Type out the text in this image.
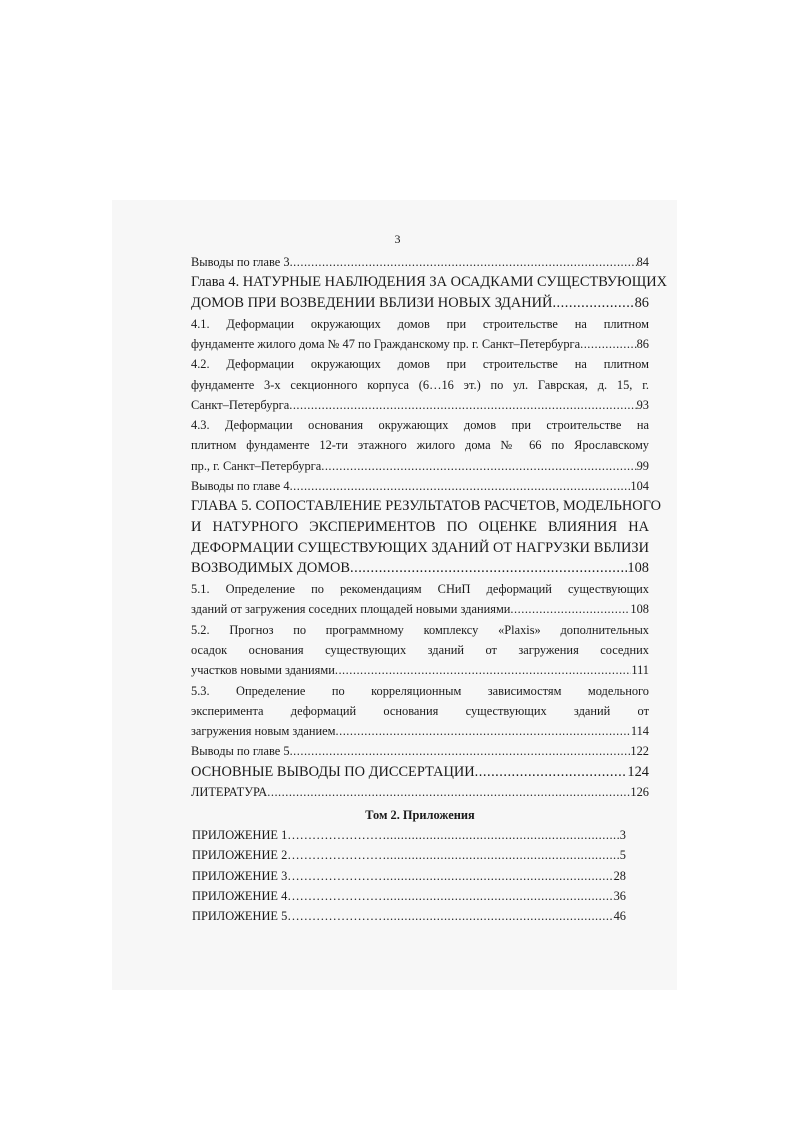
3
Выводы по главе 3 .....	84
Глава 4. НАТУРНЫЕ НАБЛЮДЕНИЯ ЗА ОСАДКАМИ СУЩЕСТВУЮЩИХ
ДОМОВ ПРИ ВОЗВЕДЕНИИ ВБЛИЗИ НОВЫХ ЗДАНИЙ .....	86
4.1. Деформации окружающих домов при строительстве на плитном
фундаменте жилого дома № 47 по Гражданскому пр. г. Санкт–Петербурга .....	86
4.2. Деформации окружающих домов при строительстве на плитном
фундаменте 3-х секционного корпуса (6…16 эт.) по ул. Гаврская, д. 15, г.
Санкт–Петербурга .....	93
4.3. Деформации основания окружающих домов при строительстве на
плитном фундаменте 12-ти этажного жилого дома № 66 по Ярославскому
пр., г. Санкт–Петербурга .....	99
Выводы по главе 4 .....	104
ГЛАВА 5. СОПОСТАВЛЕНИЕ РЕЗУЛЬТАТОВ РАСЧЕТОВ, МОДЕЛЬНОГО
И НАТУРНОГО ЭКСПЕРИМЕНТОВ ПО ОЦЕНКЕ ВЛИЯНИЯ НА
ДЕФОРМАЦИИ СУЩЕСТВУЮЩИХ ЗДАНИЙ ОТ НАГРУЗКИ ВБЛИЗИ
ВОЗВОДИМЫХ ДОМОВ .....	108
5.1. Определение по рекомендациям СНиП деформаций существующих
зданий от загружения соседних площадей новыми зданиями .....	108
5.2. Прогноз по программному комплексу «Plaxis» дополнительных
осадок основания существующих зданий от загружения соседних
участков новыми зданиями .....	111
5.3. Определение по корреляционным зависимостям модельного
эксперимента деформаций основания существующих зданий от
загружения новым зданием .....	114
Выводы по главе 5 .....	122
ОСНОВНЫЕ ВЫВОДЫ ПО ДИССЕРТАЦИИ .....	124
ЛИТЕРАТУРА .....	126
Том 2. Приложения
ПРИЛОЖЕНИЕ 1…………………… .....	3
ПРИЛОЖЕНИЕ 2…………………… .....	5
ПРИЛОЖЕНИЕ 3…………………… .....	28
ПРИЛОЖЕНИЕ 4…………………… .....	36
ПРИЛОЖЕНИЕ 5…………………… .....	46
